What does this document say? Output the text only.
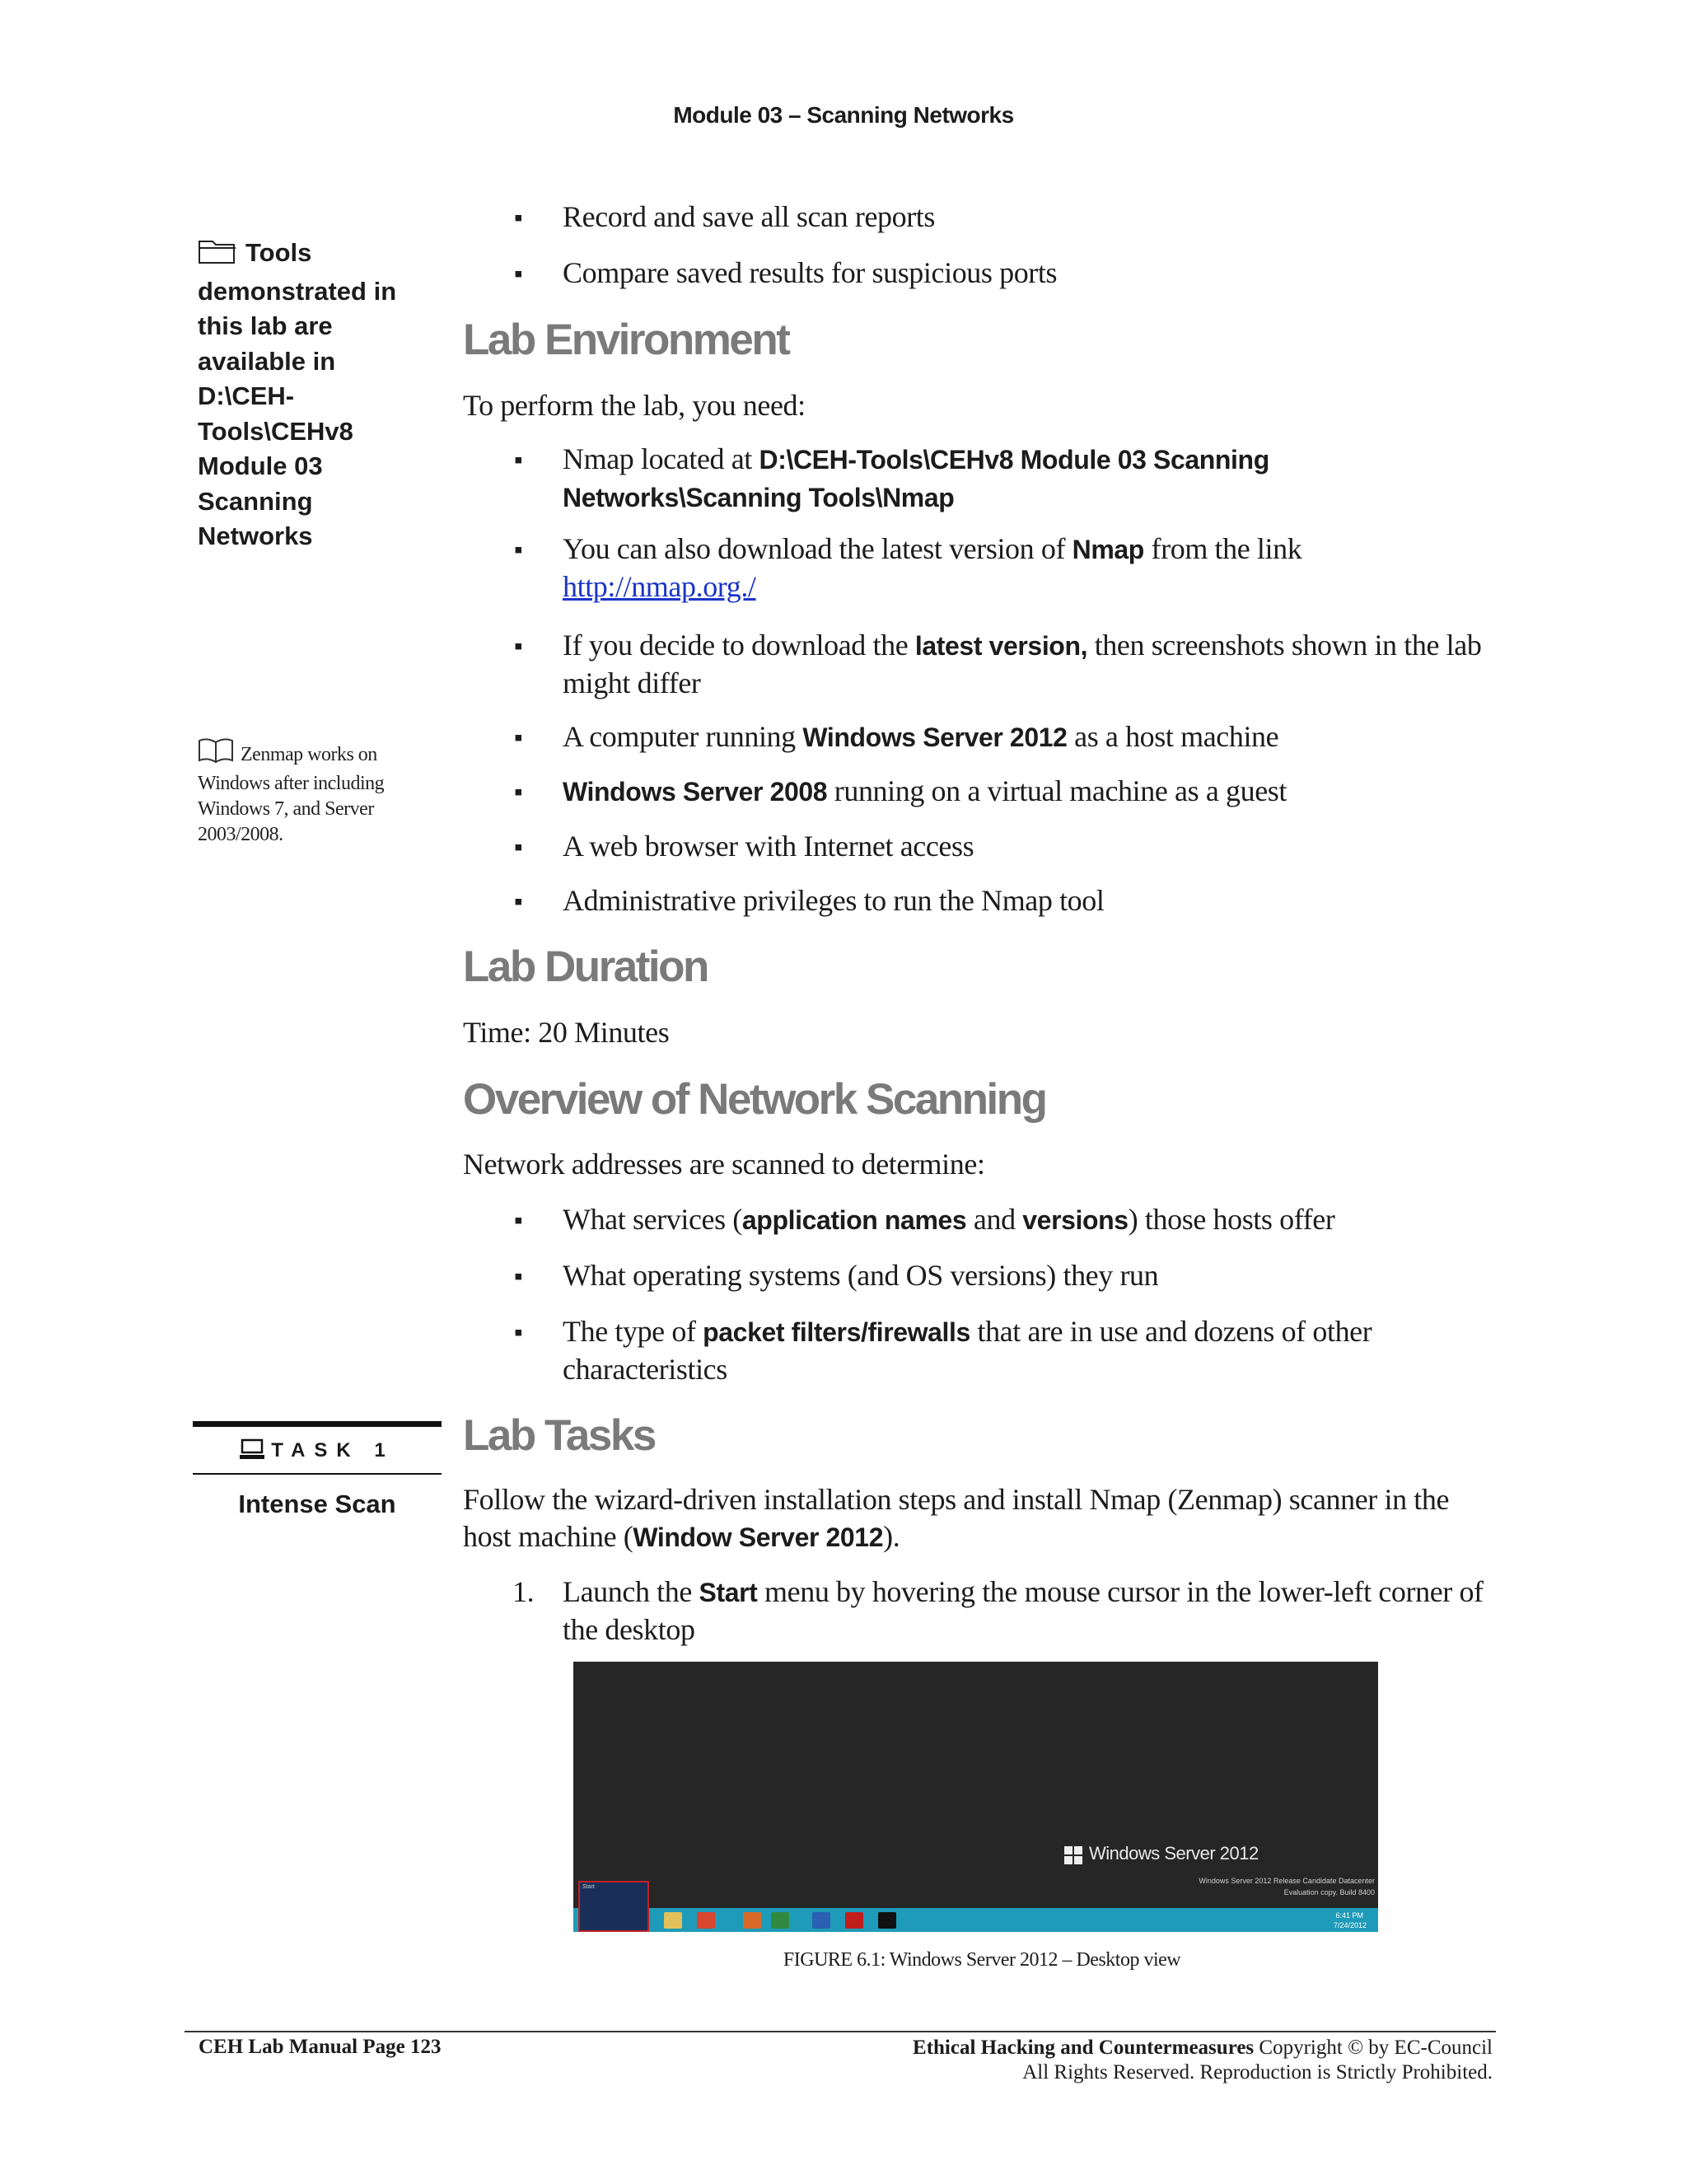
Module 03 – Scanning Networks
Tools demonstrated in this lab are available in D:\CEH-Tools\CEHv8 Module 03 Scanning Networks
Zenmap works on Windows after including Windows 7, and Server 2003/2008.
TASK 1
Intense Scan
▪ Record and save all scan reports
▪ Compare saved results for suspicious ports
Lab Environment
To perform the lab, you need:
▪ Nmap located at D:\CEH-Tools\CEHv8 Module 03 Scanning Networks\Scanning Tools\Nmap
▪ You can also download the latest version of Nmap from the link http://nmap.org./
▪ If you decide to download the latest version, then screenshots shown in the lab might differ
▪ A computer running Windows Server 2012 as a host machine
▪ Windows Server 2008 running on a virtual machine as a guest
▪ A web browser with Internet access
▪ Administrative privileges to run the Nmap tool
Lab Duration
Time: 20 Minutes
Overview of Network Scanning
Network addresses are scanned to determine:
▪ What services (application names and versions) those hosts offer
▪ What operating systems (and OS versions) they run
▪ The type of packet filters/firewalls that are in use and dozens of other characteristics
Lab Tasks
Follow the wizard-driven installation steps and install Nmap (Zenmap) scanner in the host machine (Window Server 2012).
1. Launch the Start menu by hovering the mouse cursor in the lower-left corner of the desktop
Windows Server 2012
Windows Server 2012 Release Candidate Datacenter
Evaluation copy. Build 8400
Start
6:41 PM
7/24/2012
FIGURE 6.1: Windows Server 2012 – Desktop view
CEH Lab Manual Page 123	Ethical Hacking and Countermeasures Copyright © by EC-Council
All Rights Reserved. Reproduction is Strictly Prohibited.
